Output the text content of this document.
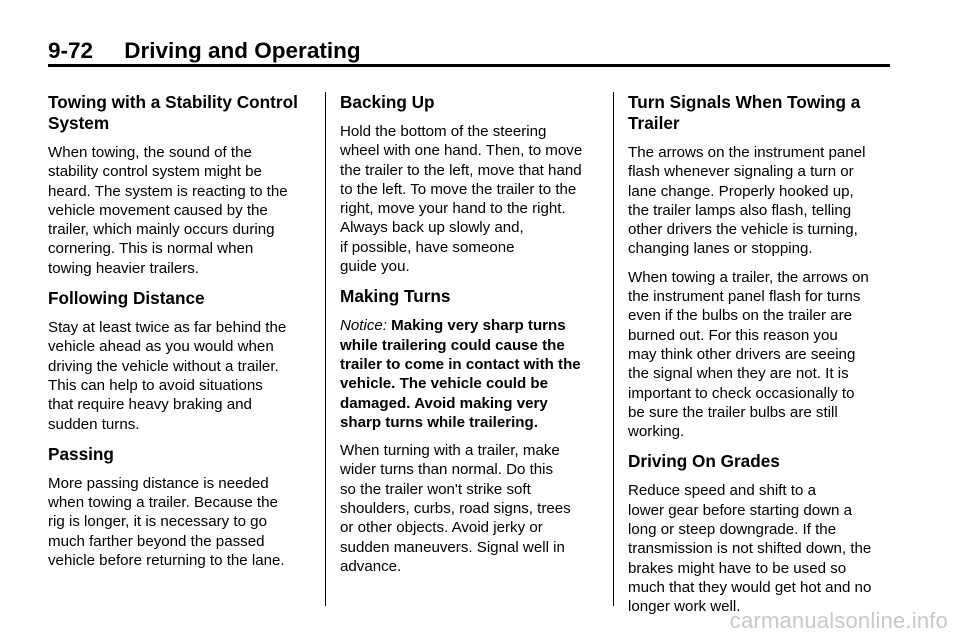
9-72     Driving and Operating
Towing with a Stability Control
System

When towing, the sound of the
stability control system might be
heard. The system is reacting to the
vehicle movement caused by the
trailer, which mainly occurs during
cornering. This is normal when
towing heavier trailers.

Following Distance

Stay at least twice as far behind the
vehicle ahead as you would when
driving the vehicle without a trailer.
This can help to avoid situations
that require heavy braking and
sudden turns.

Passing

More passing distance is needed
when towing a trailer. Because the
rig is longer, it is necessary to go
much farther beyond the passed
vehicle before returning to the lane.

Backing Up

Hold the bottom of the steering
wheel with one hand. Then, to move
the trailer to the left, move that hand
to the left. To move the trailer to the
right, move your hand to the right.
Always back up slowly and,
if possible, have someone
guide you.

Making Turns

Notice: Making very sharp turns
while trailering could cause the
trailer to come in contact with the
vehicle. The vehicle could be
damaged. Avoid making very
sharp turns while trailering.

When turning with a trailer, make
wider turns than normal. Do this
so the trailer won't strike soft
shoulders, curbs, road signs, trees
or other objects. Avoid jerky or
sudden maneuvers. Signal well in
advance.

Turn Signals When Towing a
Trailer

The arrows on the instrument panel
flash whenever signaling a turn or
lane change. Properly hooked up,
the trailer lamps also flash, telling
other drivers the vehicle is turning,
changing lanes or stopping.

When towing a trailer, the arrows on
the instrument panel flash for turns
even if the bulbs on the trailer are
burned out. For this reason you
may think other drivers are seeing
the signal when they are not. It is
important to check occasionally to
be sure the trailer bulbs are still
working.

Driving On Grades

Reduce speed and shift to a
lower gear before starting down a
long or steep downgrade. If the
transmission is not shifted down, the
brakes might have to be used so
much that they would get hot and no
longer work well.

carmanualsonline.info
